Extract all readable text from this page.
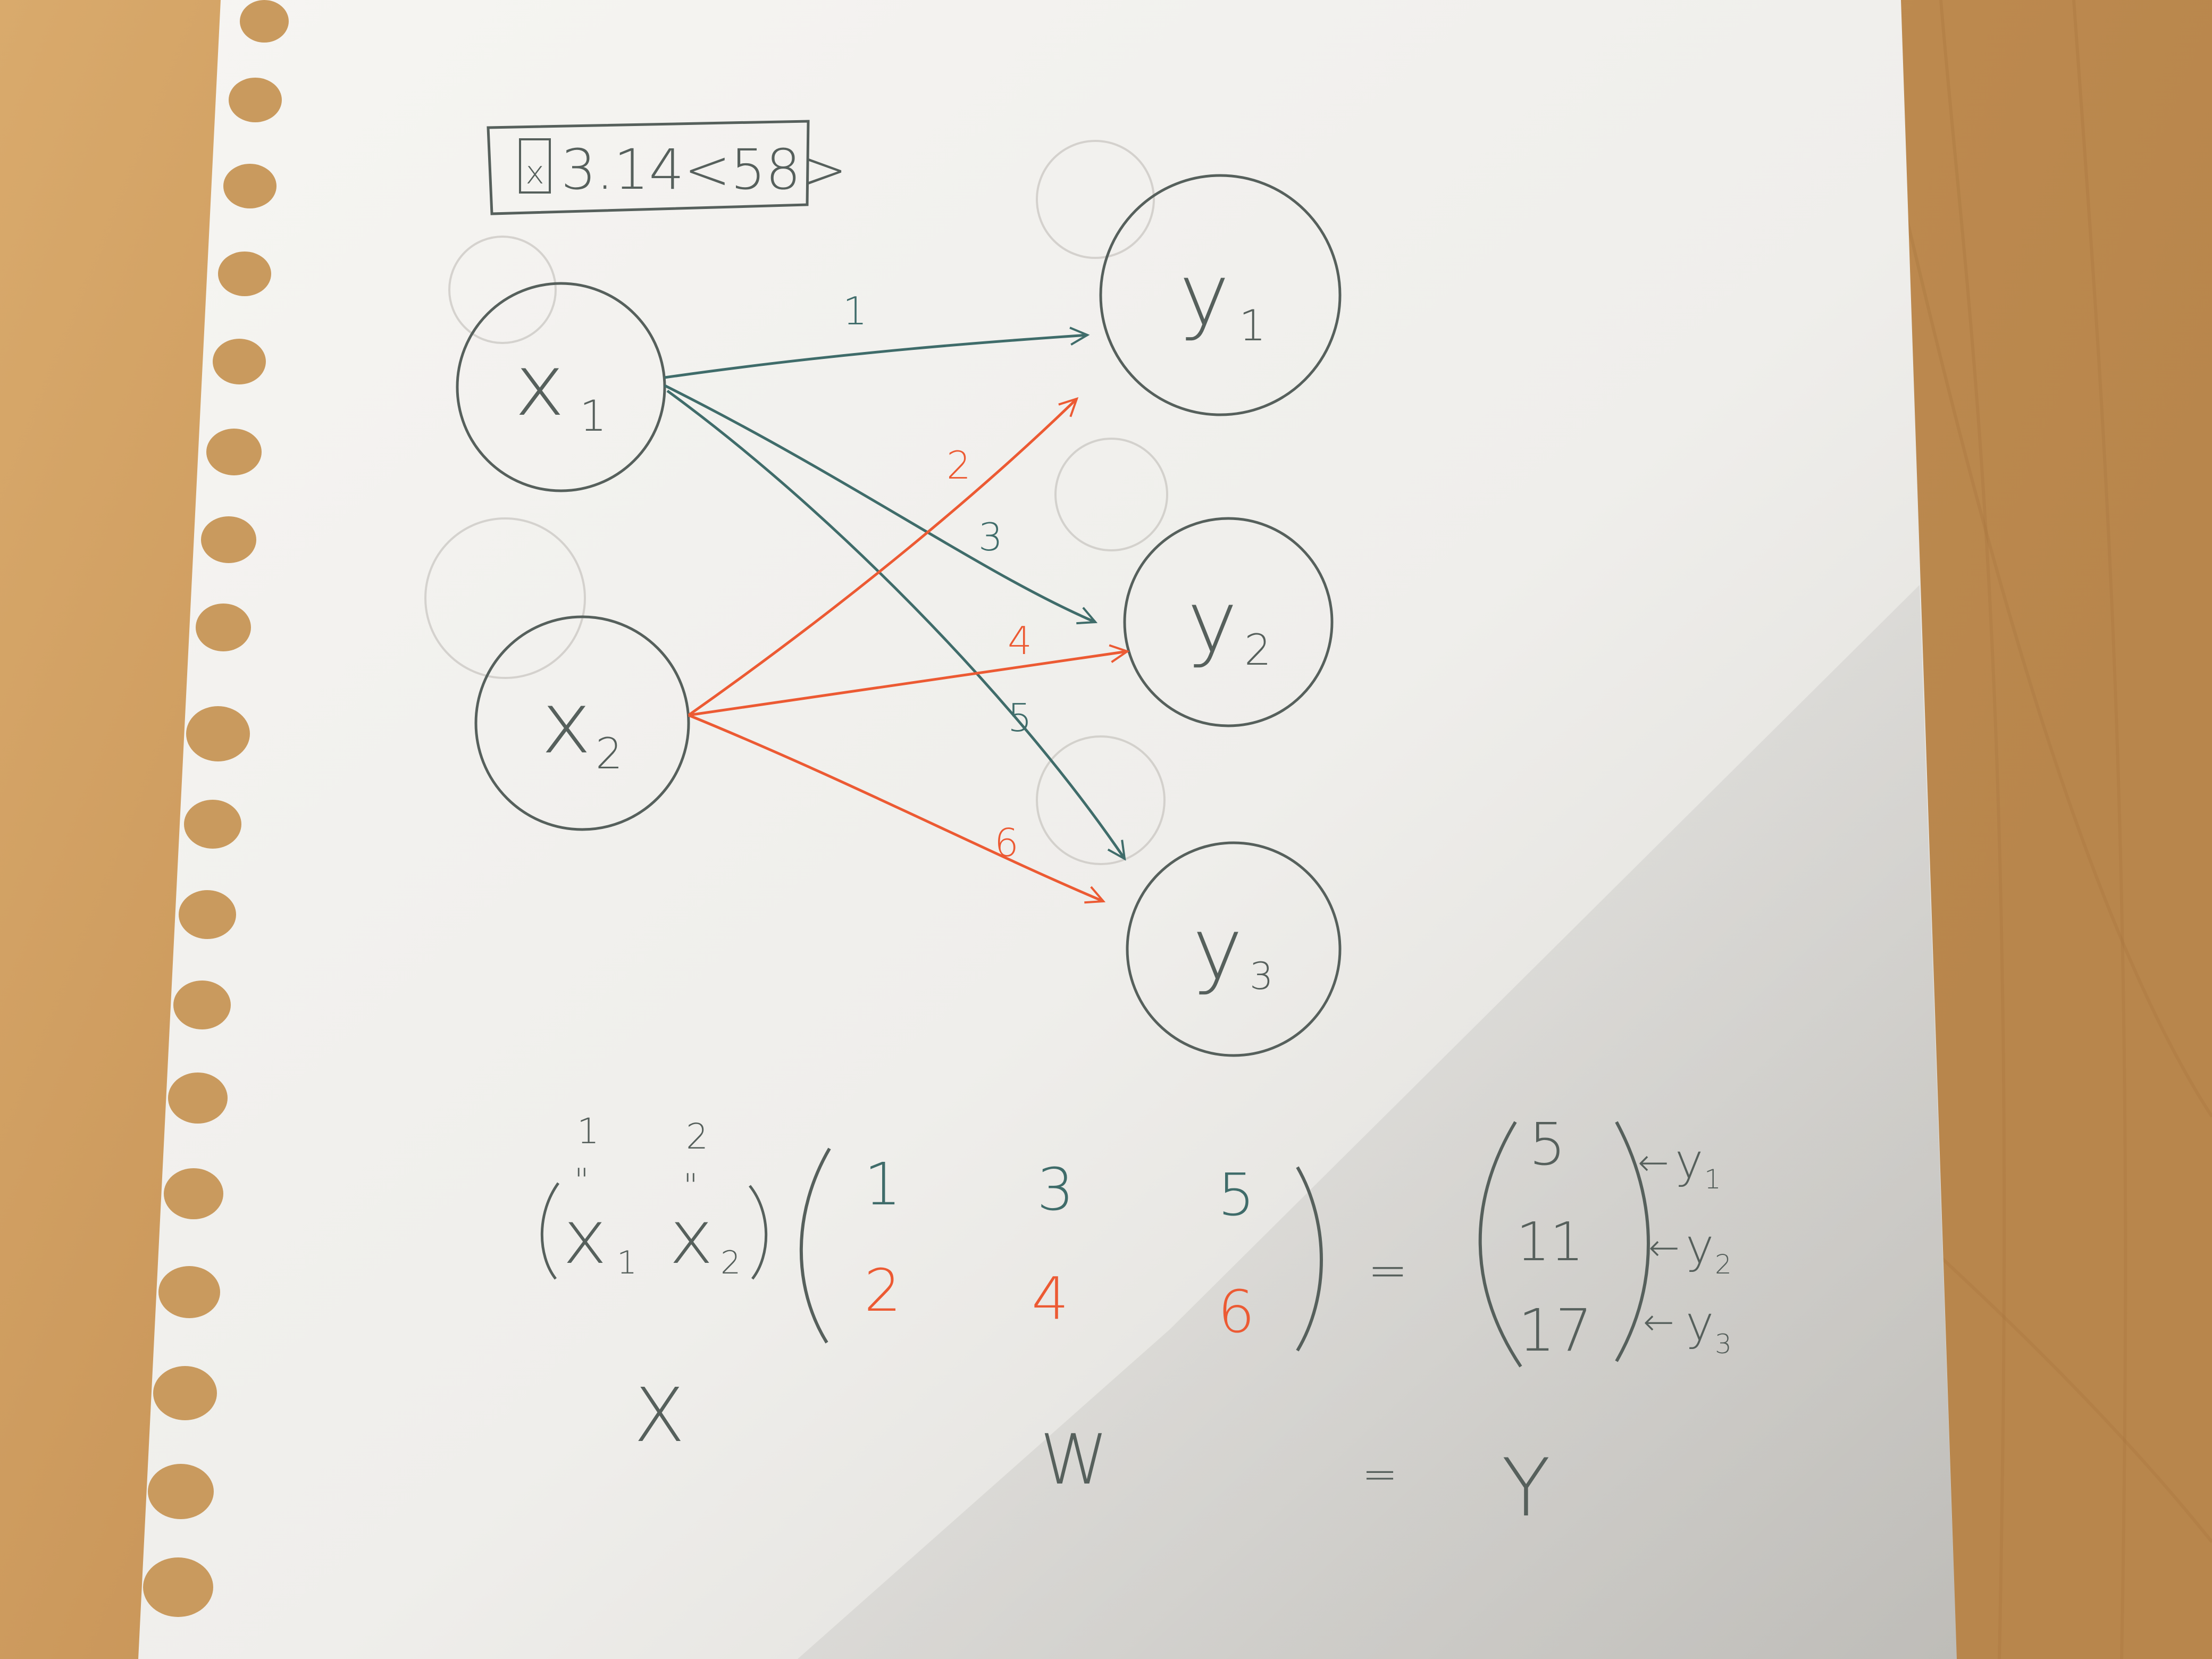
x 3.14<58>
x 1
x 2
y 1
y 2
y 3
1
2
3
4
5
6
1 2
"	"
x 1 x 2
1 3 5
2 4	6
=
5
11
17
← y 1
← y 2
← y 3
X
W	= Y
